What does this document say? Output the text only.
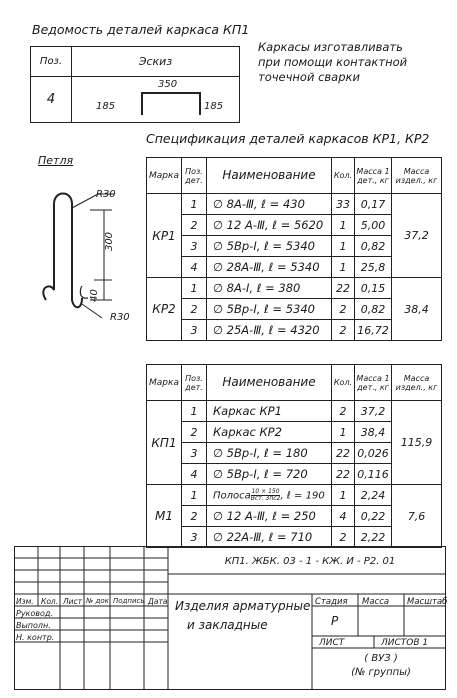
Ведомость деталей каркаса КП1
Поз.	Эскиз
4	185
350
185
Каркасы изготавливать
при помощи контактной
точечной сварки
Спецификация деталей каркасов КР1, КР2
Петля
R30
300
40
R30
Марка	Поз. дет.	Наименование	Кол.	Масса 1 дет., кг	Масса издел., кг
КР1	1	∅ 8А-Ⅲ, ℓ = 430	33	0,17	37,2
	2	∅ 12 А-Ⅲ, ℓ = 5620	1	5,00	
	3	∅ 5Вр-Ⅰ, ℓ = 5340	1	0,82	
	4	∅ 28А-Ⅲ, ℓ = 5340	1	25,8	
КР2	1	∅ 8А-Ⅰ, ℓ = 380	22	0,15	38,4
	2	∅ 5Вр-Ⅰ, ℓ = 5340	2	0,82	
	3	∅ 25А-Ⅲ, ℓ = 4320	2	16,72	
Марка	Поз. дет.	Наименование	Кол.	Масса 1 дет., кг	Масса издел., кг
КП1	1	Каркас КР1	2	37,2	115,9
	2	Каркас КР2	1	38,4	
	3	∅ 5Вр-Ⅰ, ℓ = 180	22	0,026	
	4	∅ 5Вр-Ⅰ, ℓ = 720	22	0,116	
М1	1	Полоса $\frac{10 \times 150}{\text{Вст. 3пс2}}$ , ℓ = 190	1	2,24	7,6
	2	∅ 12 А-Ⅲ, ℓ = 250	4	0,22	
	3	∅ 22А-Ⅲ, ℓ = 710	2	2,22	
КП1. ЖБК. 03 - 1 - КЖ. И - Р2. 01
Изм. Кол. Лист № док. Подпись Дата
Руковод.
Выполн.
Н. контр.
Изделия арматурные
и закладные
Стадия Масса Масштаб
Р
ЛИСТ	ЛИСТОВ 1
( ВУЗ )
(№ группы)
